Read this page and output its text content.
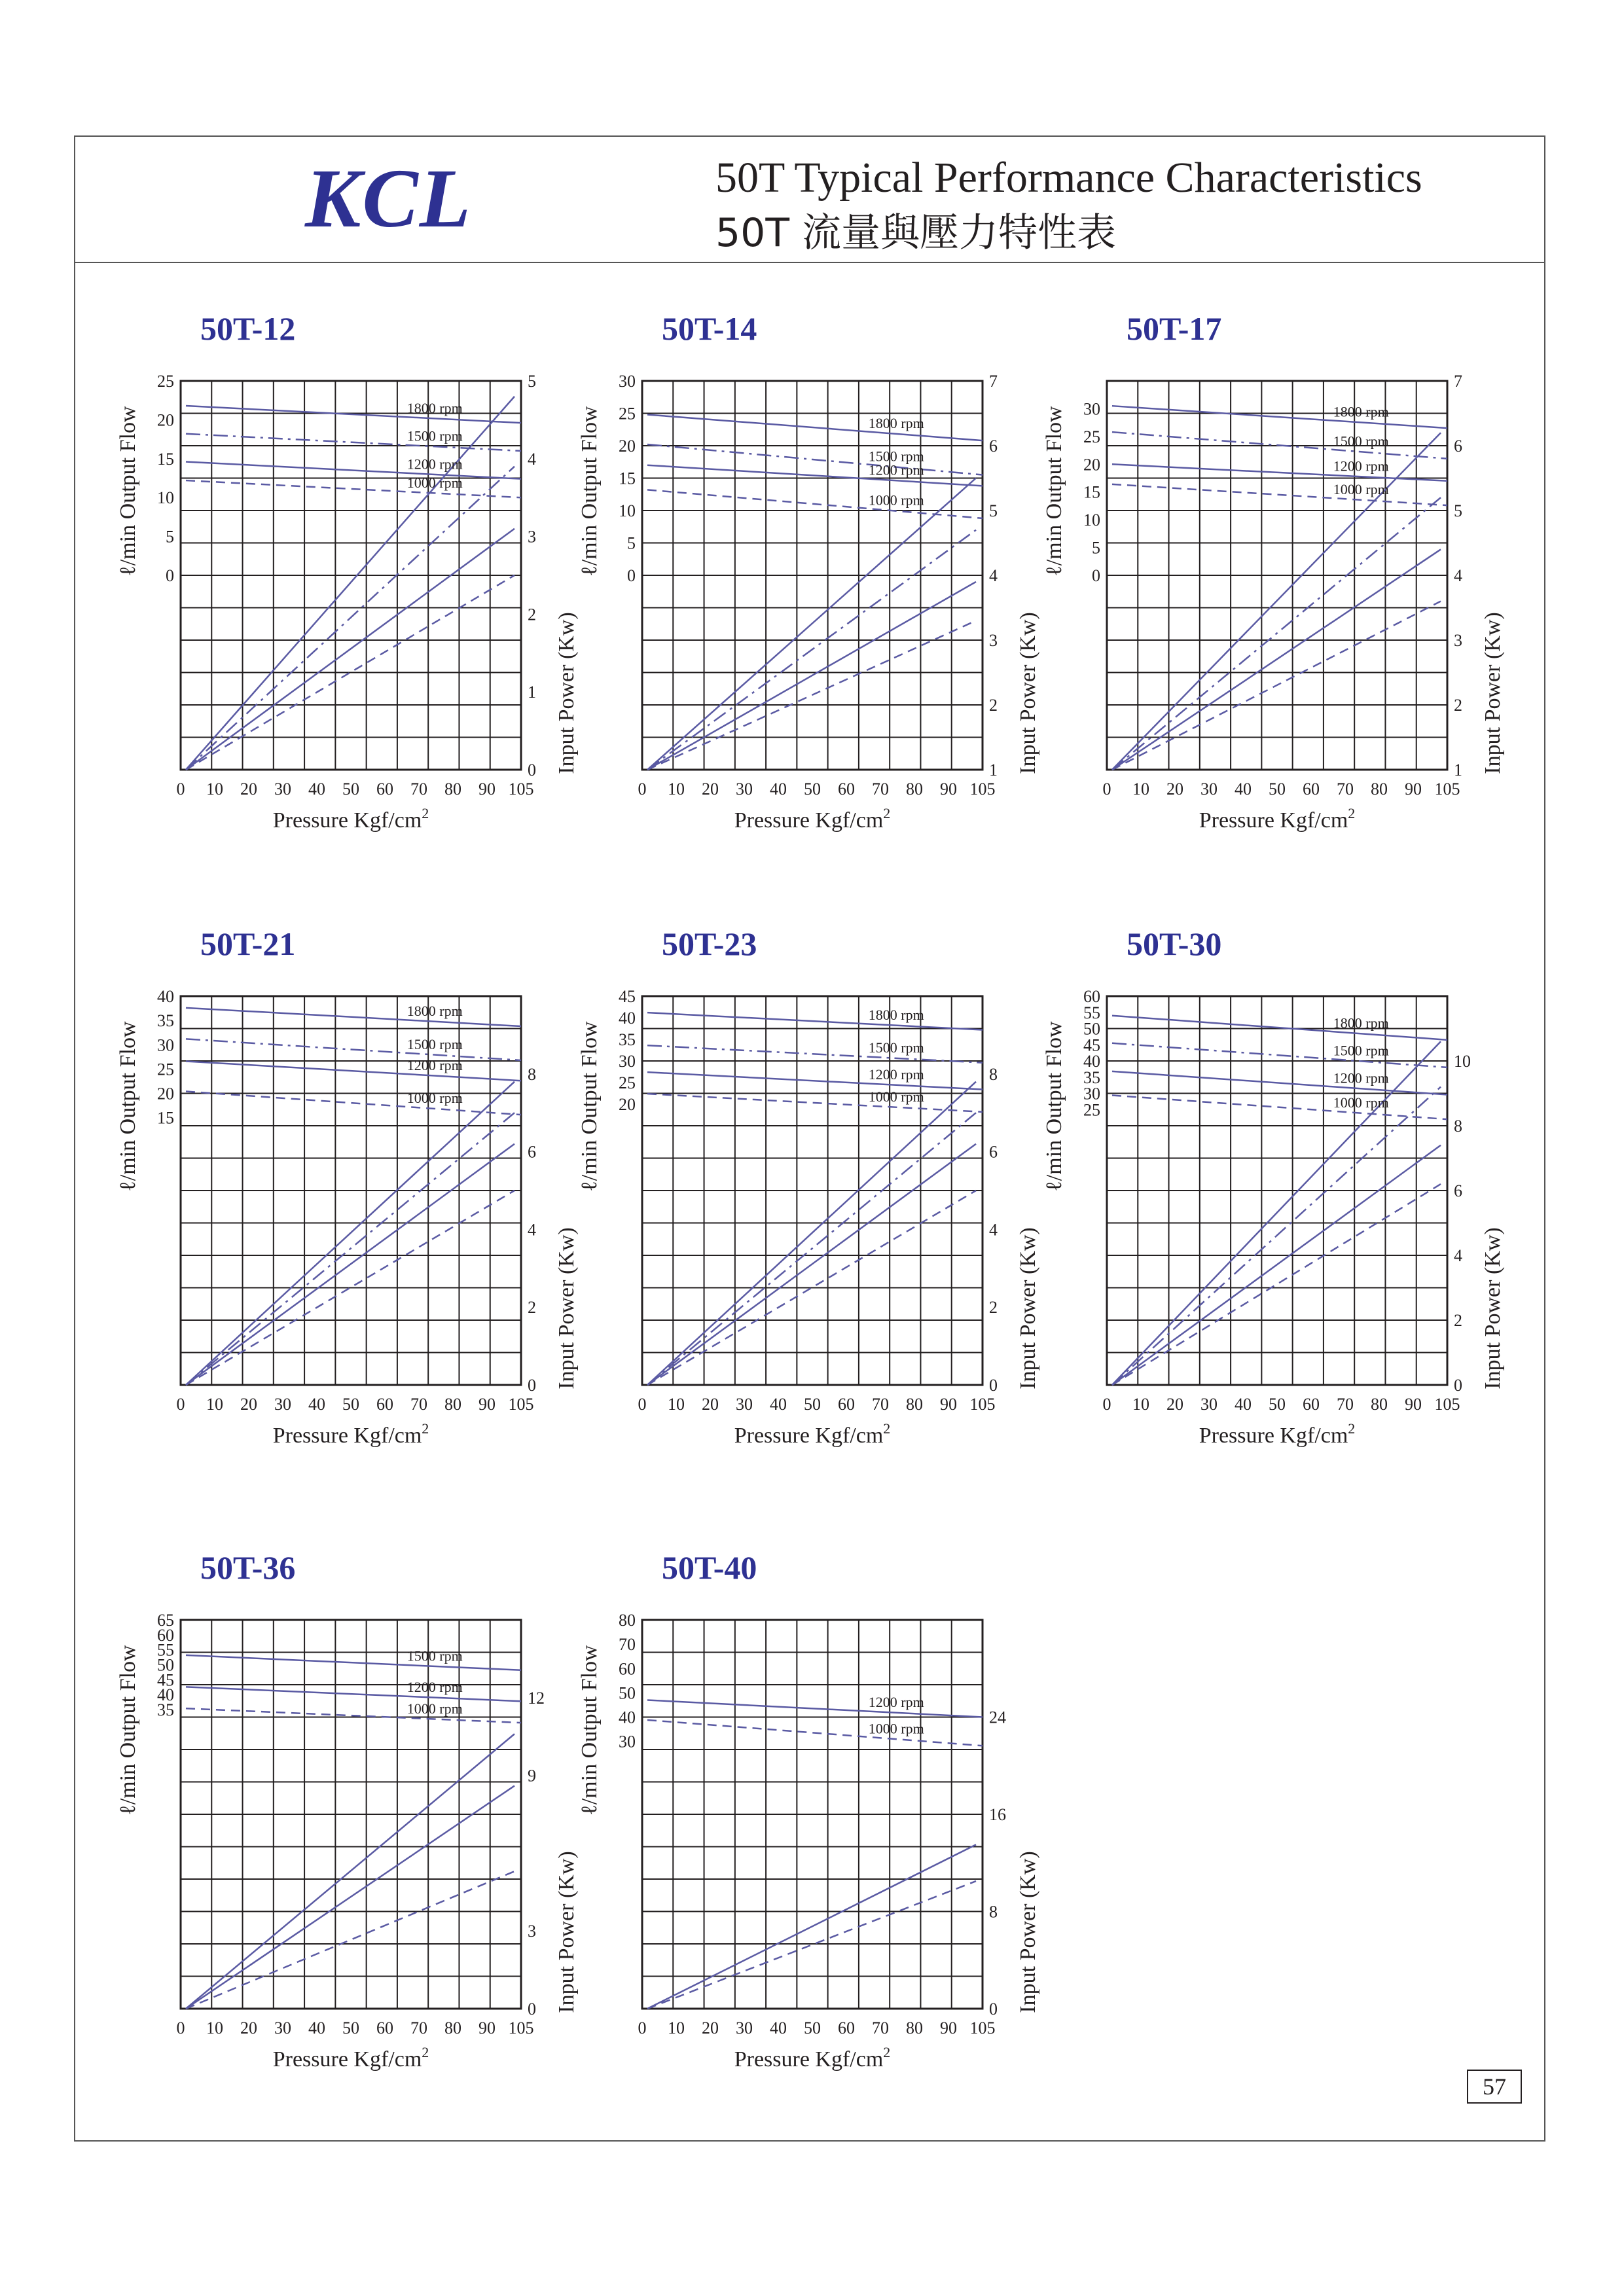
KCL	50T Typical Performance Characteristics
50T 流量與壓力特性表
50T-12
25
20
15
10
5
0
5
4
3
2
1
0
0 10 20 30 40 50 60 70 80 90 105
ℓ/min Output Flow
Input Power (Kw)
Pressure Kgf/$cm^2$
1800 rpm
1500 rpm
1200 rpm
1000 rpm
50T-14
30
25
20
15
10
5
0
7
6
5
4
3
2
1
0 10 20 30 40 50 60 70 80 90 105
ℓ/min Output Flow
Input Power (Kw)
Pressure Kgf/$cm^2$
1800 rpm
1500 rpm
1200 rpm
1000 rpm
50T-17
30
25
20
15
10
5
0
7
6
5
4
3
2
1
0 10 20 30 40 50 60 70 80 90 105
ℓ/min Output Flow
Input Power (Kw)
Pressure Kgf/$cm^2$
1800 rpm
1500 rpm
1200 rpm
1000 rpm
50T-21
40
35
30
25
20
15
8
6
4
2
0
0 10 20 30 40 50 60 70 80 90 105
ℓ/min Output Flow
Input Power (Kw)
Pressure Kgf/$cm^2$
1800 rpm
1500 rpm
1200 rpm
1000 rpm
50T-23
45
40
35
30
25
20
8
6
4
2
0
0 10 20 30 40 50 60 70 80 90 105
ℓ/min Output Flow
Input Power (Kw)
Pressure Kgf/$cm^2$
1800 rpm
1500 rpm
1200 rpm
1000 rpm
50T-30
60
55
50
45
40
35
30
25
10
8
6
4
2
0
0 10 20 30 40 50 60 70 80 90 105
ℓ/min Output Flow
Input Power (Kw)
Pressure Kgf/$cm^2$
1800 rpm
1500 rpm
1200 rpm
1000 rpm
50T-36
65
60
55
50
45
40
35
12
9
3
0
0 10 20 30 40 50 60 70 80 90 105
ℓ/min Output Flow
Input Power (Kw)
Pressure Kgf/$cm^2$
1500 rpm
1200 rpm
1000 rpm
50T-40
80
70
60
50
40
30
24
16
8
0
0 10 20 30 40 50 60 70 80 90 105
ℓ/min Output Flow
Input Power (Kw)
Pressure Kgf/$cm^2$
1200 rpm
1000 rpm
57
